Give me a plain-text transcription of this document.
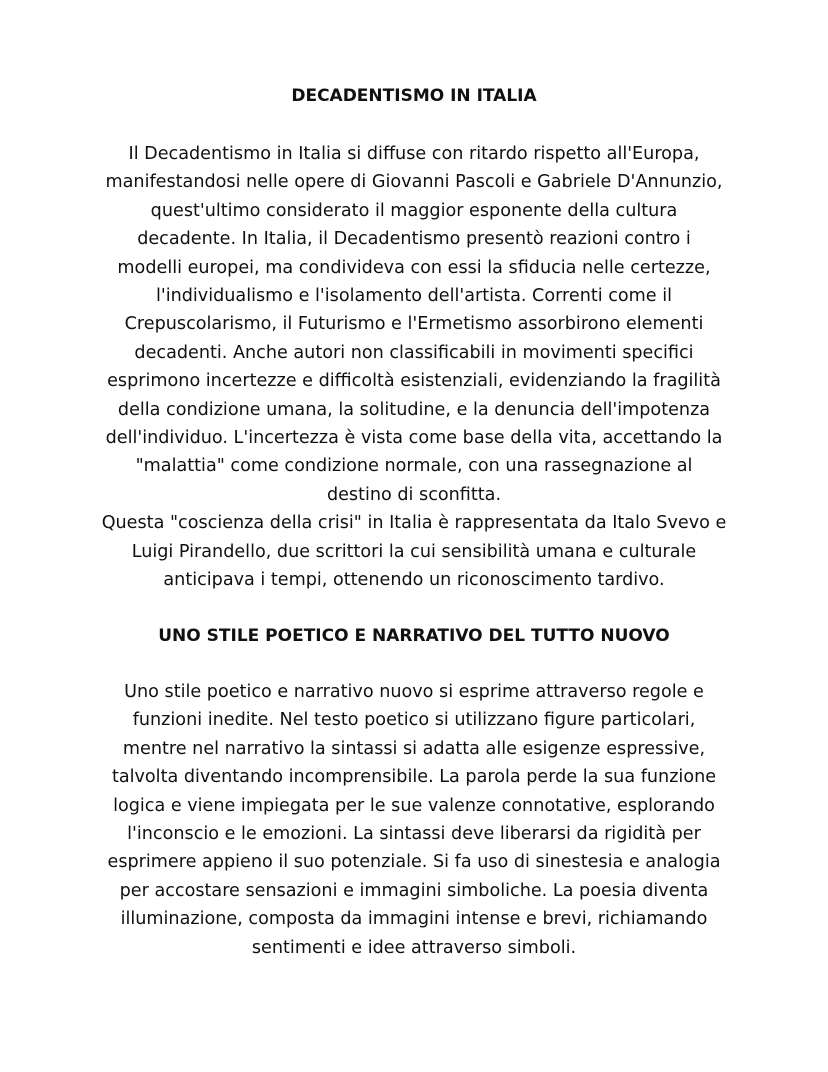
DECADENTISMO IN ITALIA
Il Decadentismo in Italia si diffuse con ritardo rispetto all'Europa,
manifestandosi nelle opere di Giovanni Pascoli e Gabriele D'Annunzio,
quest'ultimo considerato il maggior esponente della cultura
decadente. In Italia, il Decadentismo presentò reazioni contro i
modelli europei, ma condivideva con essi la sfiducia nelle certezze,
l'individualismo e l'isolamento dell'artista. Correnti come il
Crepuscolarismo, il Futurismo e l'Ermetismo assorbirono elementi
decadenti. Anche autori non classificabili in movimenti specifici
esprimono incertezze e difficoltà esistenziali, evidenziando la fragilità
della condizione umana, la solitudine, e la denuncia dell'impotenza
dell'individuo. L'incertezza è vista come base della vita, accettando la
"malattia" come condizione normale, con una rassegnazione al
destino di sconfitta.
Questa "coscienza della crisi" in Italia è rappresentata da Italo Svevo e
Luigi Pirandello, due scrittori la cui sensibilità umana e culturale
anticipava i tempi, ottenendo un riconoscimento tardivo.
UNO STILE POETICO E NARRATIVO DEL TUTTO NUOVO
Uno stile poetico e narrativo nuovo si esprime attraverso regole e
funzioni inedite. Nel testo poetico si utilizzano figure particolari,
mentre nel narrativo la sintassi si adatta alle esigenze espressive,
talvolta diventando incomprensibile. La parola perde la sua funzione
logica e viene impiegata per le sue valenze connotative, esplorando
l'inconscio e le emozioni. La sintassi deve liberarsi da rigidità per
esprimere appieno il suo potenziale. Si fa uso di sinestesia e analogia
per accostare sensazioni e immagini simboliche. La poesia diventa
illuminazione, composta da immagini intense e brevi, richiamando
sentimenti e idee attraverso simboli.
